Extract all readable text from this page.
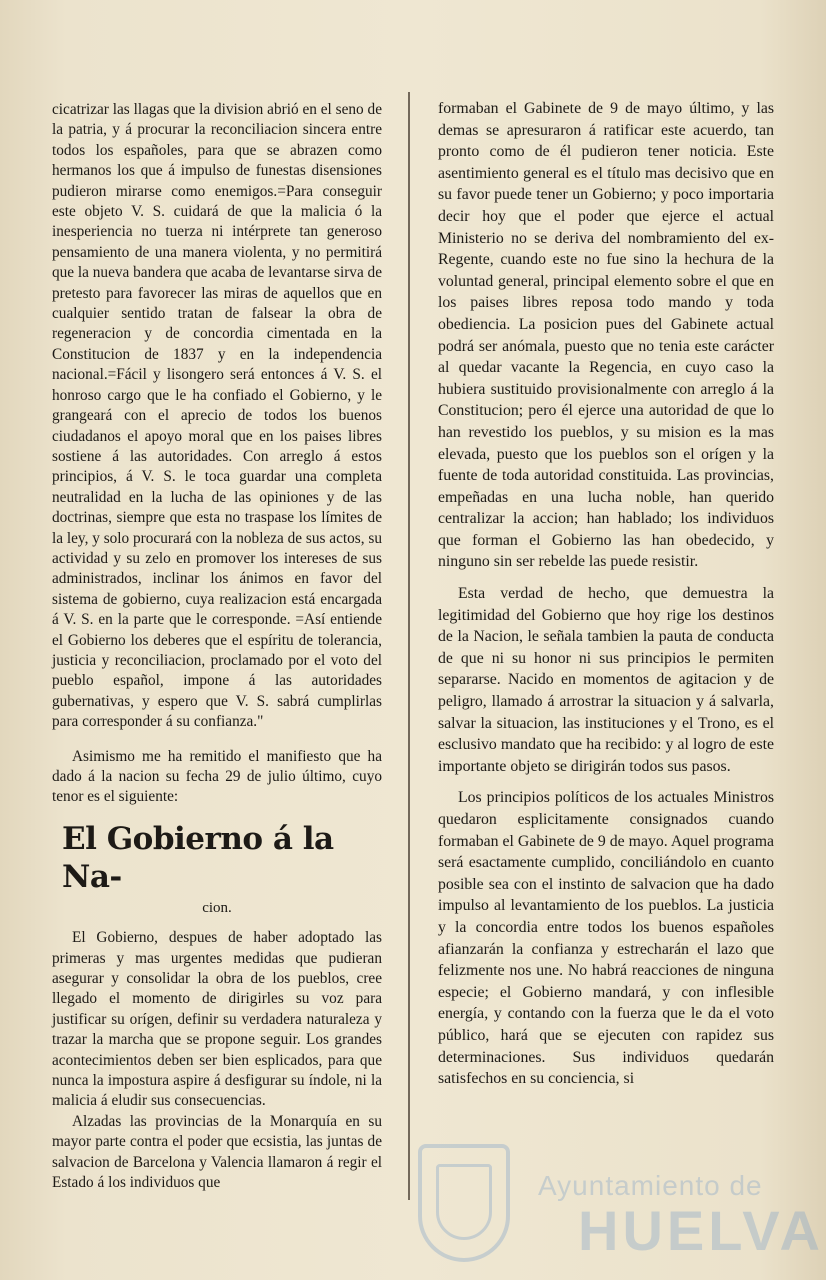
cicatrizar las llagas que la division abrió en el seno de la patria, y á procurar la reconciliacion sincera entre todos los españoles, para que se abrazen como hermanos los que á impulso de funestas disensiones pudieron mirarse como enemigos.=Para conseguir este objeto V. S. cuidará de que la malicia ó la inesperiencia no tuerza ni intérprete tan generoso pensamiento de una manera violenta, y no permitirá que la nueva bandera que acaba de levantarse sirva de pretesto para favorecer las miras de aquellos que en cualquier sentido tratan de falsear la obra de regeneracion y de concordia cimentada en la Constitucion de 1837 y en la independencia nacional.=Fácil y lisongero será entonces á V. S. el honroso cargo que le ha confiado el Gobierno, y le grangeará con el aprecio de todos los buenos ciudadanos el apoyo moral que en los paises libres sostiene á las autoridades. Con arreglo á estos principios, á V. S. le toca guardar una completa neutralidad en la lucha de las opiniones y de las doctrinas, siempre que esta no traspase los límites de la ley, y solo procurará con la nobleza de sus actos, su actividad y su zelo en promover los intereses de sus administrados, inclinar los ánimos en favor del sistema de gobierno, cuya realizacion está encargada á V. S. en la parte que le corresponde. =Así entiende el Gobierno los deberes que el espíritu de tolerancia, justicia y reconciliacion, proclamado por el voto del pueblo español, impone á las autoridades gubernativas, y espero que V. S. sabrá cumplirlas para corresponder á su confianza."

Asimismo me ha remitido el manifiesto que ha dado á la nacion su fecha 29 de julio último, cuyo tenor es el siguiente:

El Gobierno á la Na-
cion.

El Gobierno, despues de haber adoptado las primeras y mas urgentes medidas que pudieran asegurar y consolidar la obra de los pueblos, cree llegado el momento de dirigirles su voz para justificar su orígen, definir su verdadera naturaleza y trazar la marcha que se propone seguir. Los grandes acontecimientos deben ser bien esplicados, para que nunca la impostura aspire á desfigurar su índole, ni la malicia á eludir sus consecuencias.

Alzadas las provincias de la Monarquía en su mayor parte contra el poder que ecsistia, las juntas de salvacion de Barcelona y Valencia llamaron á regir el Estado á los individuos que

formaban el Gabinete de 9 de mayo último, y las demas se apresuraron á ratificar este acuerdo, tan pronto como de él pudieron tener noticia. Este asentimiento general es el título mas decisivo que en su favor puede tener un Gobierno; y poco importaria decir hoy que el poder que ejerce el actual Ministerio no se deriva del nombramiento del ex-Regente, cuando este no fue sino la hechura de la voluntad general, principal elemento sobre el que en los paises libres reposa todo mando y toda obediencia. La posicion pues del Gabinete actual podrá ser anómala, puesto que no tenia este carácter al quedar vacante la Regencia, en cuyo caso la hubiera sustituido provisionalmente con arreglo á la Constitucion; pero él ejerce una autoridad de que lo han revestido los pueblos, y su mision es la mas elevada, puesto que los pueblos son el orígen y la fuente de toda autoridad constituida. Las provincias, empeñadas en una lucha noble, han querido centralizar la accion; han hablado; los individuos que forman el Gobierno las han obedecido, y ninguno sin ser rebelde las puede resistir.

Esta verdad de hecho, que demuestra la legitimidad del Gobierno que hoy rige los destinos de la Nacion, le señala tambien la pauta de conducta de que ni su honor ni sus principios le permiten separarse. Nacido en momentos de agitacion y de peligro, llamado á arrostrar la situacion y á salvarla, salvar la situacion, las instituciones y el Trono, es el esclusivo mandato que ha recibido: y al logro de este importante objeto se dirigirán todos sus pasos.

Los principios políticos de los actuales Ministros quedaron esplicitamente consignados cuando formaban el Gabinete de 9 de mayo. Aquel programa será esactamente cumplido, conciliándolo en cuanto posible sea con el instinto de salvacion que ha dado impulso al levantamiento de los pueblos. La justicia y la concordia entre todos los buenos españoles afianzarán la confianza y estrecharán el lazo que felizmente nos une. No habrá reacciones de ninguna especie; el Gobierno mandará, y con inflesible energía, y contando con la fuerza que le da el voto público, hará que se ejecuten con rapidez sus determinaciones. Sus individuos quedarán satisfechos en su conciencia, si

Ayuntamiento de
HUELVA
